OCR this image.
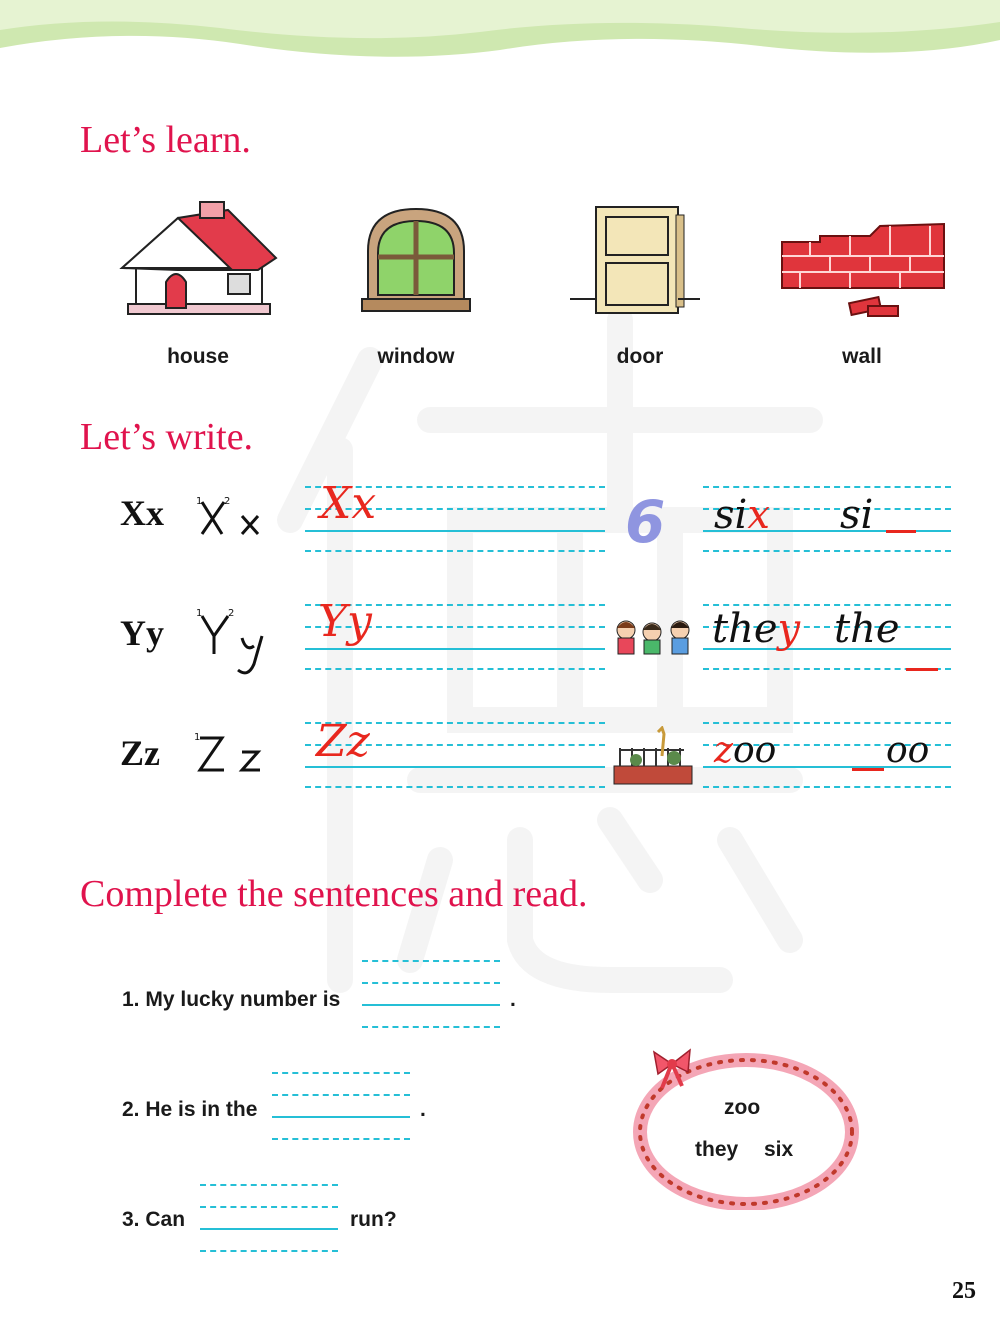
Let’s learn.
house	window	door	wall
Let’s write.
Xx	1 2 Xx	6 six si
Yy	1	2 Yy	they the
Zz	1	Zz	zoo	oo
Complete the sentences and read.
1. My lucky number is	.
2. He is in the	.
3. Can	run?
zoo
they six
25
